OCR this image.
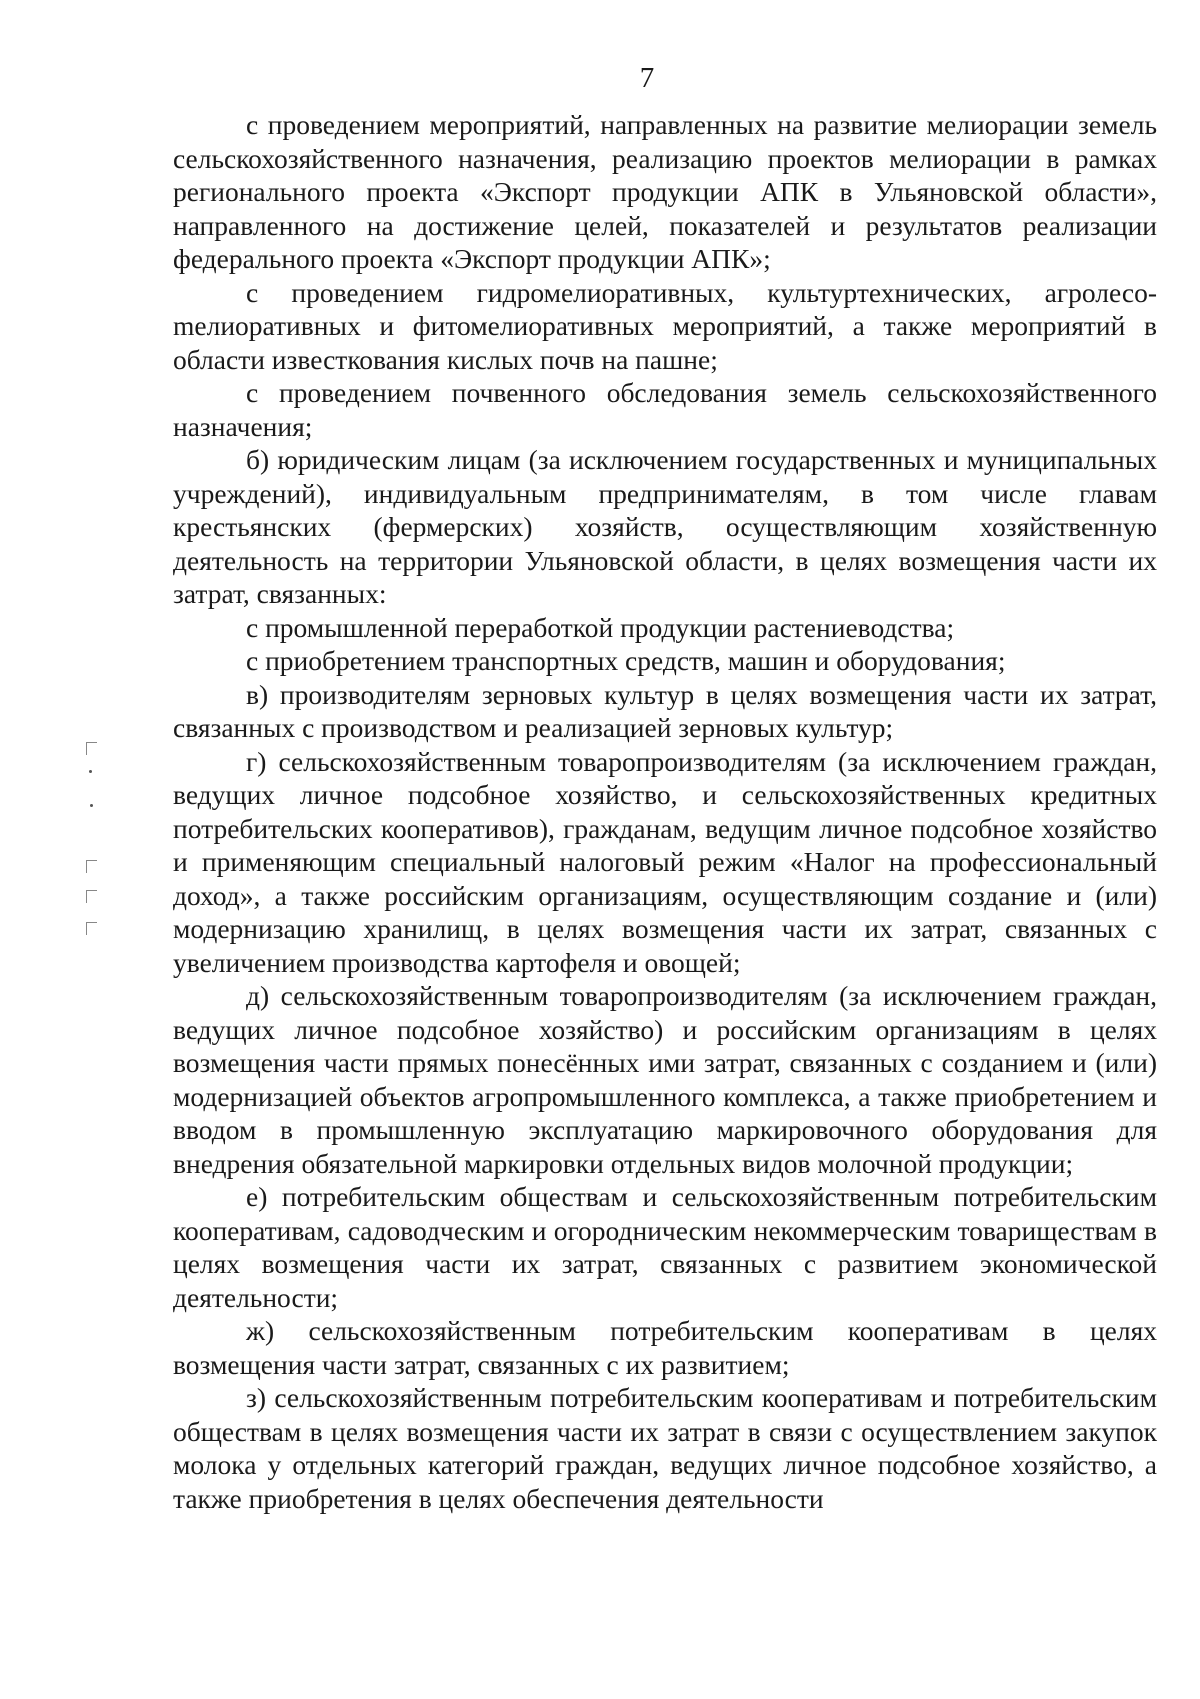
7

с проведением мероприятий, направленных на развитие мелиорации земель сельскохозяйственного назначения, реализацию проектов мелиорации в рамках регионального проекта «Экспорт продукции АПК в Ульяновской области», направленного на достижение целей, показателей и результатов реализации федерального проекта «Экспорт продукции АПК»;

с проведением гидромелиоративных, культуртехнических, агролесоmелиоративных и фитомелиоративных мероприятий, а также мероприятий в области известкования кислых почв на пашне;

с проведением почвенного обследования земель сельскохозяйственного назначения;

б) юридическим лицам (за исключением государственных и муниципальных учреждений), индивидуальным предпринимателям, в том числе главам крестьянских (фермерских) хозяйств, осуществляющим хозяйственную деятельность на территории Ульяновской области, в целях возмещения части их затрат, связанных:

с промышленной переработкой продукции растениеводства;

с приобретением транспортных средств, машин и оборудования;

в) производителям зерновых культур в целях возмещения части их затрат, связанных с производством и реализацией зерновых культур;

г) сельскохозяйственным товаропроизводителям (за исключением граждан, ведущих личное подсобное хозяйство, и сельскохозяйственных кредитных потребительских кооперативов), гражданам, ведущим личное подсобное хозяйство и применяющим специальный налоговый режим «Налог на профессиональный доход», а также российским организациям, осуществляющим создание и (или) модернизацию хранилищ, в целях возмещения части их затрат, связанных с увеличением производства картофеля и овощей;

д) сельскохозяйственным товаропроизводителям (за исключением граждан, ведущих личное подсобное хозяйство) и российским организациям в целях возмещения части прямых понесённых ими затрат, связанных с созданием и (или) модернизацией объектов агропромышленного комплекса, а также приобретением и вводом в промышленную эксплуатацию маркировочного оборудования для внедрения обязательной маркировки отдельных видов молочной продукции;

е) потребительским обществам и сельскохозяйственным потребительским кооперативам, садоводческим и огородническим некоммерческим товариществам в целях возмещения части их затрат, связанных с развитием экономической деятельности;

ж) сельскохозяйственным потребительским кооперативам в целях возмещения части затрат, связанных с их развитием;

з) сельскохозяйственным потребительским кооперативам и потребительским обществам в целях возмещения части их затрат в связи с осуществлением закупок молока у отдельных категорий граждан, ведущих личное подсобное хозяйство, а также приобретения в целях обеспечения деятельности
